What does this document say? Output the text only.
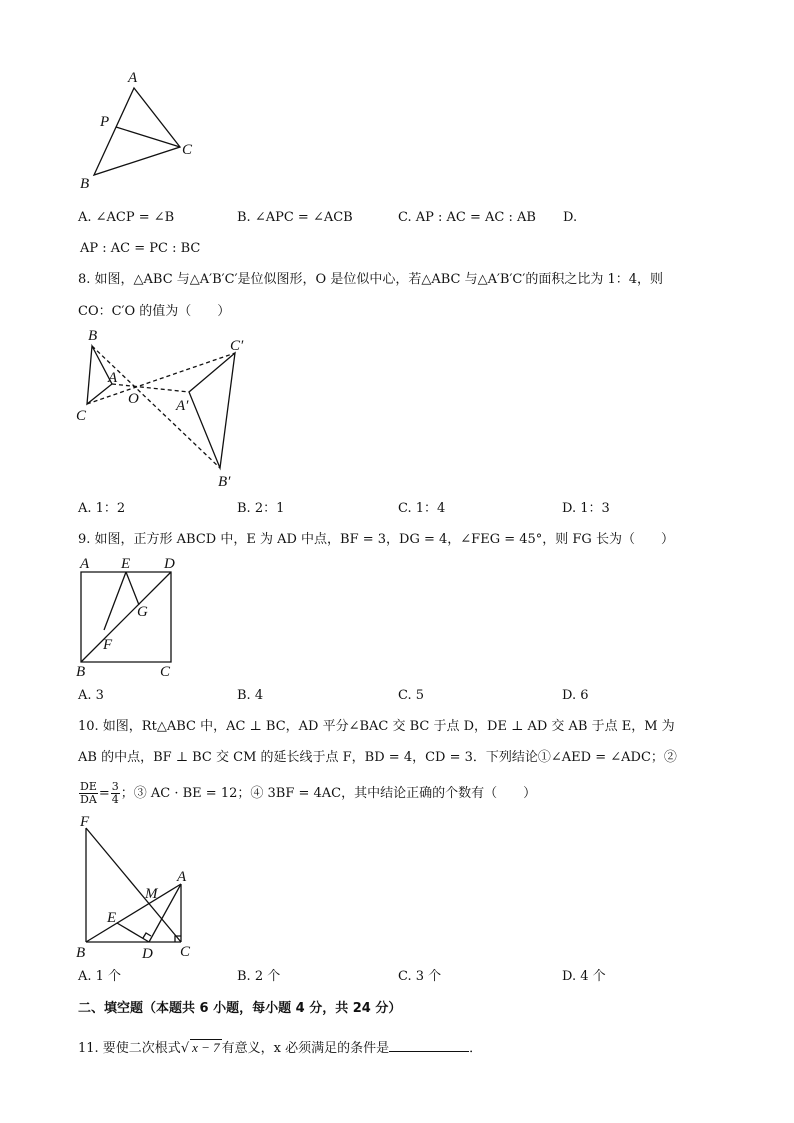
A
P
C
B
A. ∠ACP = ∠B	B. ∠APC = ∠ACB	C. AP : AC = AC : AB D.
AP : AC = PC : BC
8. 如图，△ABC 与△A′B′C′是位似图形，O 是位似中心，若△ABC 与△A′B′C′的面积之比为 1：4，则
CO：C′O 的值为（　　）
B
A
C
O
C′
A′
B′
A. 1：2	B. 2：1	C. 1：4	D. 1：3
9. 如图，正方形 ABCD 中，E 为 AD 中点，BF = 3，DG = 4，∠FEG = 45°，则 FG 长为（　　）
A E D
G
F
B	C
A. 3	B. 4	C. 5	D. 6
10. 如图，Rt△ABC 中，AC ⊥ BC，AD 平分∠BAC 交 BC 于点 D，DE ⊥ AD 交 AB 于点 E，M 为
AB 的中点，BF ⊥ BC 交 CM 的延长线于点 F，BD = 4，CD = 3．下列结论①∠AED = ∠ADC；②
$\frac{DE}{DA} = \frac{3}{4}$ ；③ AC · BE = 12；④ 3BF = 4AC，其中结论正确的个数有（　　）
F
A
M
E
B	D C
A. 1 个	B. 2 个	C. 3 个	D. 4 个
二、填空题（本题共 6 小题，每小题 4 分，共 24 分）
11. 要使二次根式√ x − 7 有意义，x 必须满足的条件是	．
